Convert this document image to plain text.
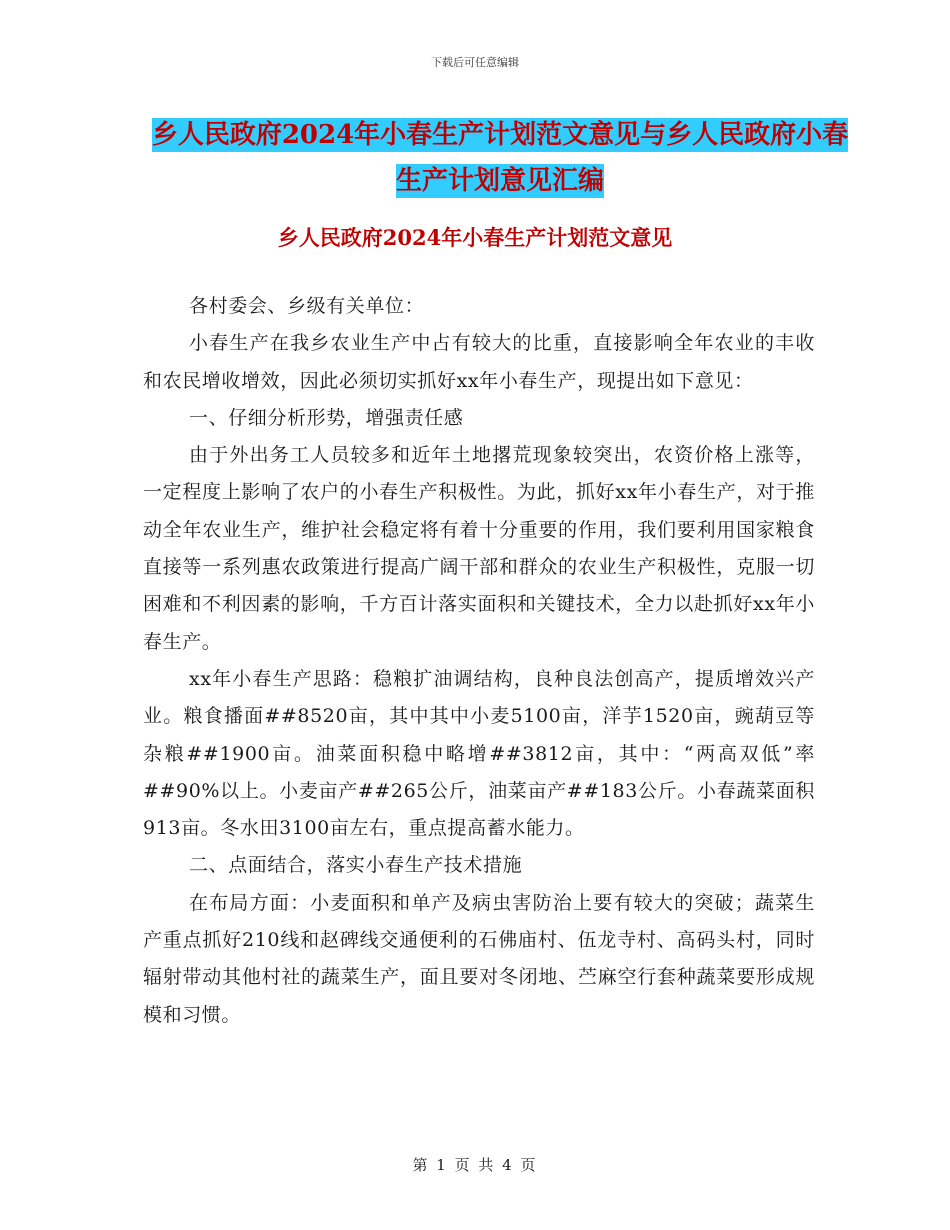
下载后可任意编辑
乡人民政府2024年小春生产计划范文意见与乡人民政府小春生产计划意见汇编
乡人民政府2024年小春生产计划范文意见

各村委会、乡级有关单位：

小春生产在我乡农业生产中占有较大的比重，直接影响全年农业的丰收和农民增收增效，因此必须切实抓好xx年小春生产，现提出如下意见：

一、仔细分析形势，增强责任感

由于外出务工人员较多和近年土地撂荒现象较突出，农资价格上涨等，一定程度上影响了农户的小春生产积极性。为此，抓好xx年小春生产，对于推动全年农业生产，维护社会稳定将有着十分重要的作用，我们要利用国家粮食直接等一系列惠农政策进行提高广阔干部和群众的农业生产积极性，克服一切困难和不利因素的影响，千方百计落实面积和关键技术，全力以赴抓好xx年小春生产。

xx年小春生产思路：稳粮扩油调结构，良种良法创高产，提质增效兴产业。粮食播面##8520亩，其中其中小麦5100亩，洋芋1520亩，豌葫豆等杂粮##1900亩。油菜面积稳中略增##3812亩，其中：“两高双低”率##90%以上。小麦亩产##265公斤，油菜亩产##183公斤。小春蔬菜面积913亩。冬水田3100亩左右，重点提高蓄水能力。

二、点面结合，落实小春生产技术措施

在布局方面：小麦面积和单产及病虫害防治上要有较大的突破；蔬菜生产重点抓好210线和赵碑线交通便利的石佛庙村、伍龙寺村、高码头村，同时辐射带动其他村社的蔬菜生产，面且要对冬闭地、苎麻空行套种蔬菜要形成规模和习惯。

第 1 页 共 4 页
